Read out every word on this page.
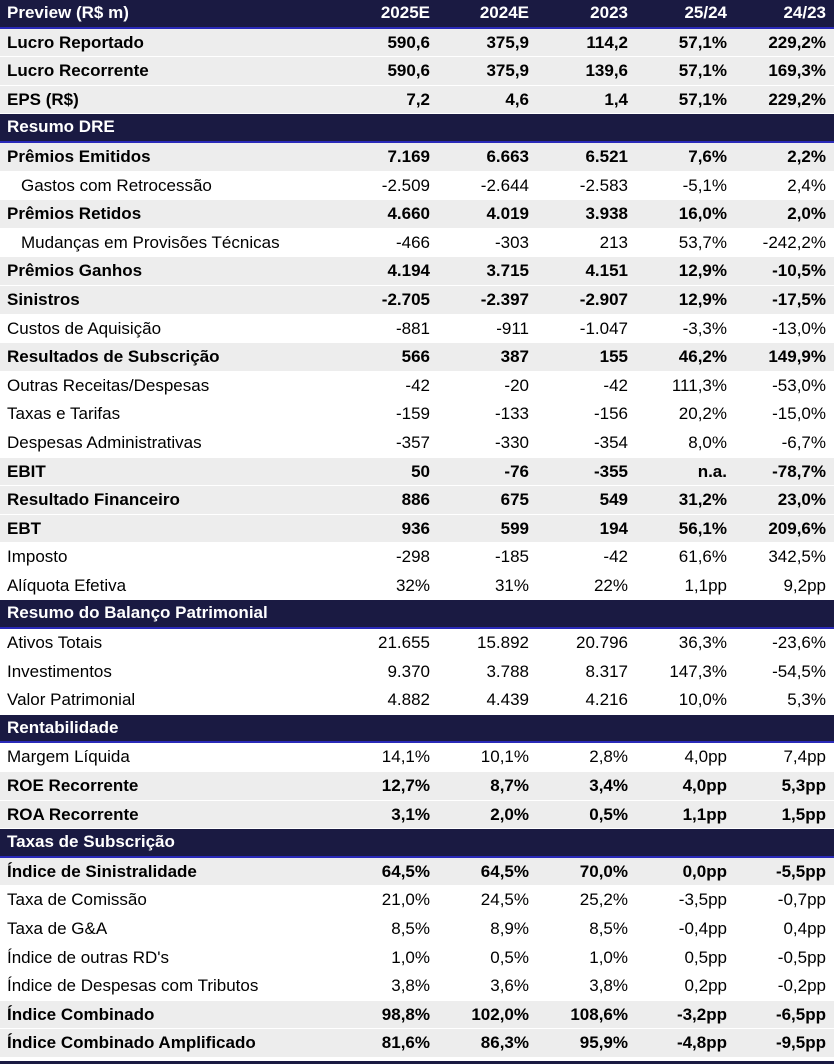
Preview (R$ m)	2025E	2024E	2023	25/24	24/23
Lucro Reportado	590,6	375,9	114,2	57,1%	229,2%
Lucro Recorrente	590,6	375,9	139,6	57,1%	169,3%
EPS (R$)	7,2	4,6	1,4	57,1%	229,2%
Resumo DRE
Prêmios Emitidos	7.169	6.663	6.521	7,6%	2,2%
Gastos com Retrocessão	-2.509	-2.644	-2.583	-5,1%	2,4%
Prêmios Retidos	4.660	4.019	3.938	16,0%	2,0%
Mudanças em Provisões Técnicas	-466	-303	213	53,7%	-242,2%
Prêmios Ganhos	4.194	3.715	4.151	12,9%	-10,5%
Sinistros	-2.705	-2.397	-2.907	12,9%	-17,5%
Custos de Aquisição	-881	-911	-1.047	-3,3%	-13,0%
Resultados de Subscrição	566	387	155	46,2%	149,9%
Outras Receitas/Despesas	-42	-20	-42	111,3%	-53,0%
Taxas e Tarifas	-159	-133	-156	20,2%	-15,0%
Despesas Administrativas	-357	-330	-354	8,0%	-6,7%
EBIT	50	-76	-355	n.a.	-78,7%
Resultado Financeiro	886	675	549	31,2%	23,0%
EBT	936	599	194	56,1%	209,6%
Imposto	-298	-185	-42	61,6%	342,5%
Alíquota Efetiva	32%	31%	22%	1,1pp	9,2pp
Resumo do Balanço Patrimonial
Ativos Totais	21.655	15.892	20.796	36,3%	-23,6%
Investimentos	9.370	3.788	8.317	147,3%	-54,5%
Valor Patrimonial	4.882	4.439	4.216	10,0%	5,3%
Rentabilidade
Margem Líquida	14,1%	10,1%	2,8%	4,0pp	7,4pp
ROE Recorrente	12,7%	8,7%	3,4%	4,0pp	5,3pp
ROA Recorrente	3,1%	2,0%	0,5%	1,1pp	1,5pp
Taxas de Subscrição
Índice de Sinistralidade	64,5%	64,5%	70,0%	0,0pp	-5,5pp
Taxa de Comissão	21,0%	24,5%	25,2%	-3,5pp	-0,7pp
Taxa de G&A	8,5%	8,9%	8,5%	-0,4pp	0,4pp
Índice de outras RD's	1,0%	0,5%	1,0%	0,5pp	-0,5pp
Índice de Despesas com Tributos	3,8%	3,6%	3,8%	0,2pp	-0,2pp
Índice Combinado	98,8%	102,0%	108,6%	-3,2pp	-6,5pp
Índice Combinado Amplificado	81,6%	86,3%	95,9%	-4,8pp	-9,5pp
